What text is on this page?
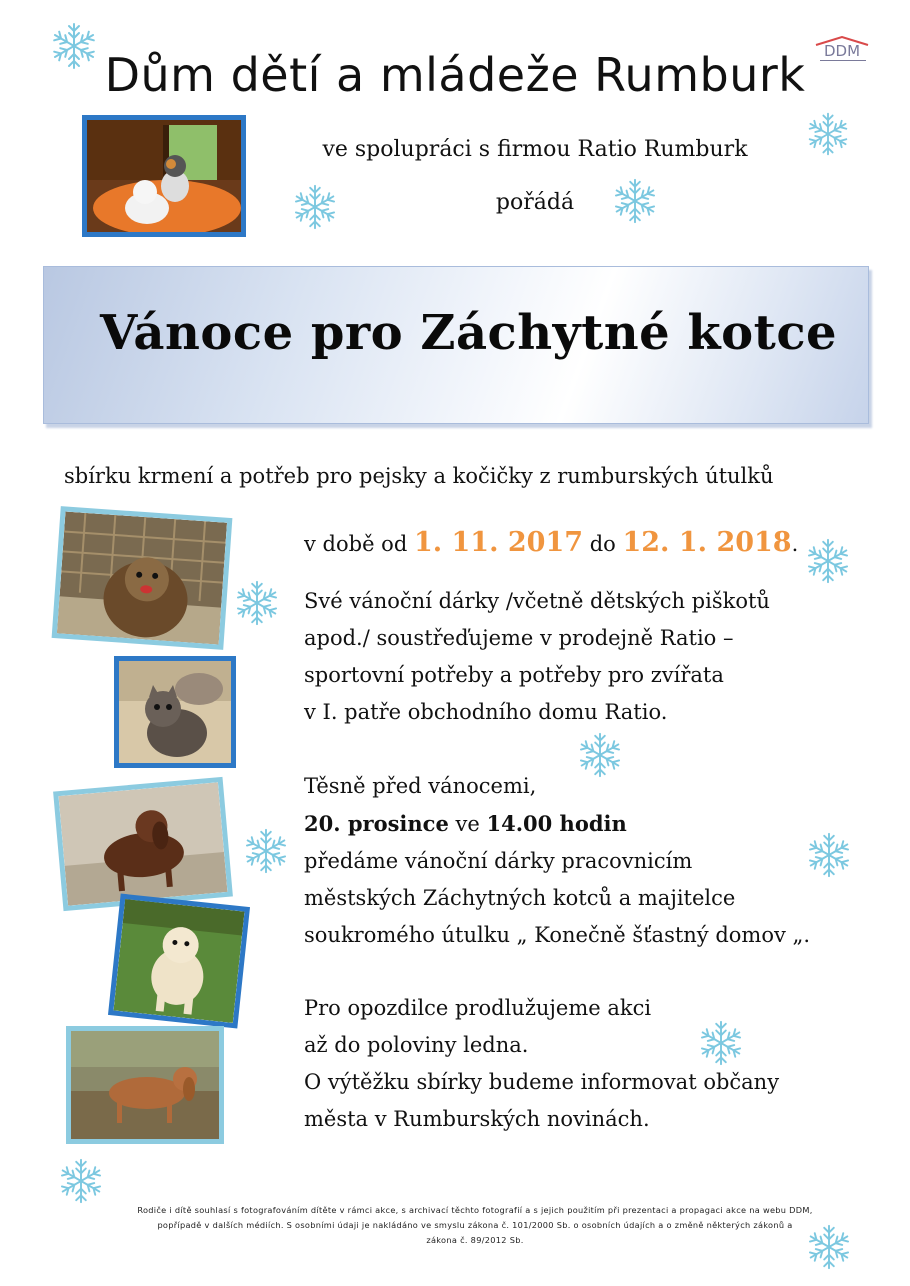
Dům dětí a mládeže Rumburk	DDM
ve spolupráci s firmou Ratio Rumburk
pořádá
Vánoce pro Záchytné kotce
sbírku krmení a potřeb pro pejsky a kočičky z rumburských útulků
v době od 1. 11. 2017 do 12. 1. 2018.
Své vánoční dárky /včetně dětských piškotů
apod./ soustřeďujeme v prodejně Ratio –
sportovní potřeby a potřeby pro zvířata
v I. patře obchodního domu Ratio.
Těsně před vánocemi,
20. prosince ve 14.00 hodin
předáme vánoční dárky pracovnicím
městských Záchytných kotců a majitelce
soukromého útulku „ Konečně šťastný domov „.
Pro opozdilce prodlužujeme akci
až do poloviny ledna.
O výtěžku sbírky budeme informovat občany
města v Rumburských novinách.
Rodiče i dítě souhlasí s fotografováním dítěte v rámci akce, s archivací těchto fotografií a s jejich použitím při prezentaci a propagaci akce na webu DDM,
popřípadě v dalších médiích. S osobními údaji je nakládáno ve smyslu zákona č. 101/2000 Sb. o osobních údajích a o změně některých zákonů a
zákona č. 89/2012 Sb.
